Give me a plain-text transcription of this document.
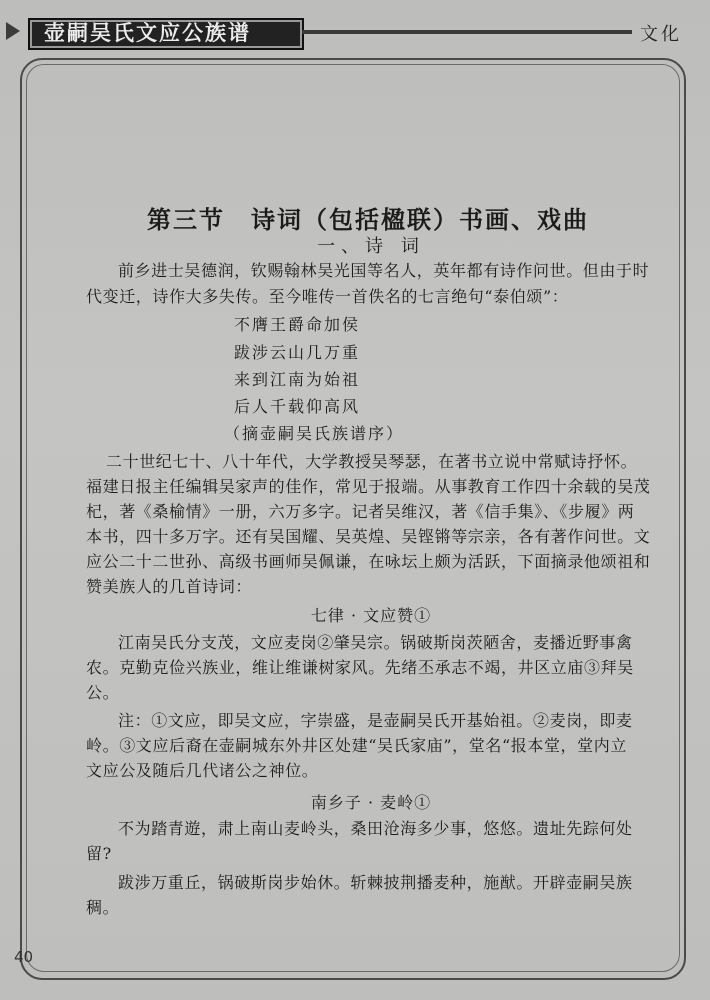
壶嗣吴氏文应公族谱	文化
第三节　诗词（包括楹联）书画、戏曲
一、诗 词
前乡进士吴德润，钦赐翰林吴光国等名人，英年都有诗作问世。但由于时
代变迁，诗作大多失传。至今唯传一首佚名的七言绝句“泰伯颂”：
不膺王爵命加侯
跋涉云山几万重
来到江南为始祖
后人千载仰高风
（摘壶嗣吴氏族谱序）
二十世纪七十、八十年代，大学教授吴琴瑟，在著书立说中常赋诗抒怀。
福建日报主任编辑吴家声的佳作，常见于报端。从事教育工作四十余载的吴茂
杞，著《桑榆情》一册，六万多字。记者吴维汉，著《信手集》、《步履》两
本书，四十多万字。还有吴国耀、吴英煌、吴铿锵等宗亲，各有著作问世。文
应公二十二世孙、高级书画师吴佩谦，在咏坛上颇为活跃，下面摘录他颂祖和
赞美族人的几首诗词：
七律 · 文应赞①
江南吴氏分支茂，文应麦岗②肇吴宗。锅破斯岗茨陋舍，麦播近野事禽
农。克勤克俭兴族业，维让维谦树家风。先绪丕承志不竭，井区立庙③拜吴
公。
注：①文应，即吴文应，字崇盛，是壶嗣吴氏开基始祖。②麦岗，即麦
岭。③文应后裔在壶嗣城东外井区处建“吴氏家庙”，堂名“报本堂，堂内立
文应公及随后几代诸公之神位。
南乡子 · 麦岭①
不为踏青遊，肃上南山麦岭头，桑田沧海多少事，悠悠。遗址先踪何处
留?
跋涉万重丘，锅破斯岗步始休。斩棘披荆播麦种，施猷。开辟壶嗣吴族
稠。
40
